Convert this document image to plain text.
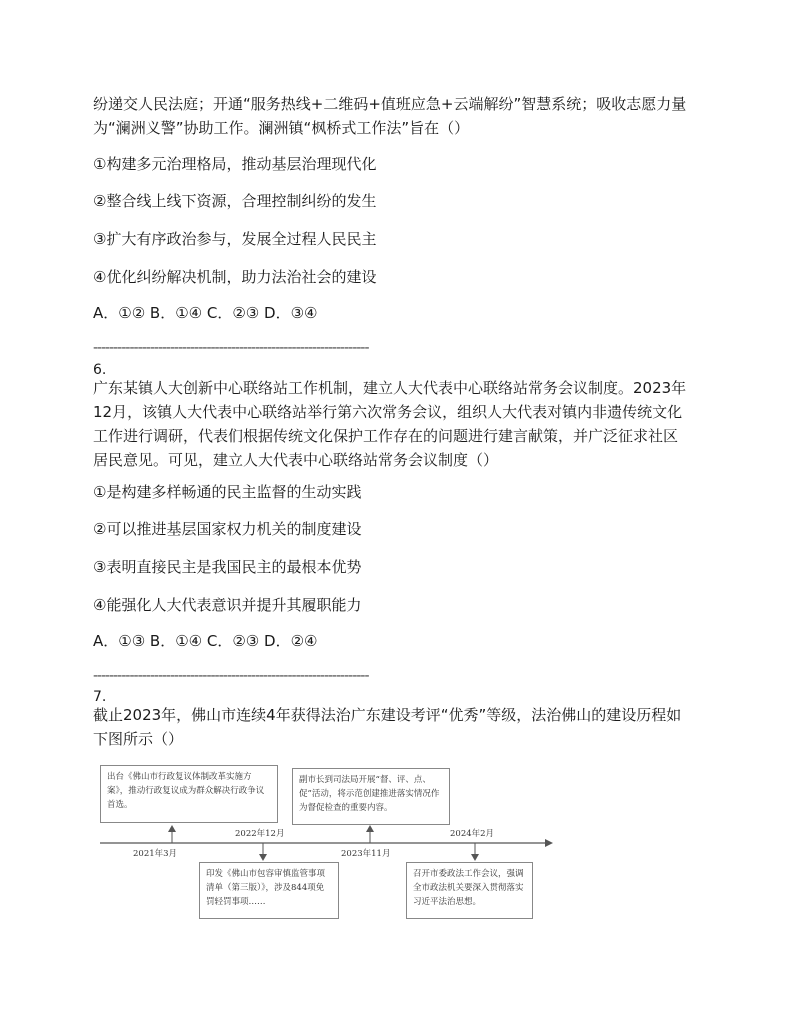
纷递交人民法庭；开通“服务热线+二维码+值班应急+云端解纷”智慧系统；吸收志愿力量
为“澜洲义警”协助工作。澜洲镇“枫桥式工作法”旨在（）
①构建多元治理格局，推动基层治理现代化
②整合线上线下资源，合理控制纠纷的发生
③扩大有序政治参与，发展全过程人民民主
④优化纠纷解决机制，助力法治社会的建设
A．①② B．①④ C．②③ D．③④
--------------------------------------------------------------------
6.
广东某镇人大创新中心联络站工作机制，建立人大代表中心联络站常务会议制度。2023年
12月，该镇人大代表中心联络站举行第六次常务会议，组织人大代表对镇内非遗传统文化
工作进行调研，代表们根据传统文化保护工作存在的问题进行建言献策，并广泛征求社区
居民意见。可见，建立人大代表中心联络站常务会议制度（）
①是构建多样畅通的民主监督的生动实践
②可以推进基层国家权力机关的制度建设
③表明直接民主是我国民主的最根本优势
④能强化人大代表意识并提升其履职能力
A．①③ B．①④ C．②③ D．②④
--------------------------------------------------------------------
7.
截止2023年，佛山市连续4年获得法治广东建设考评“优秀”等级，法治佛山的建设历程如
下图所示（）
出台《佛山市行政复议体制改革实施方案》，推动行政复议成为群众解决行政争议首选。
2021年3月
2022年12月
印发《佛山市包容审慎监管事项清单（第三版）》，涉及844项免罚轻罚事项……
副市长到司法局开展“督、评、点、促”活动，将示范创建推进落实情况作为督促检查的重要内容。
2023年11月
2024年2月
召开市委政法工作会议，强调全市政法机关要深入贯彻落实习近平法治思想。
